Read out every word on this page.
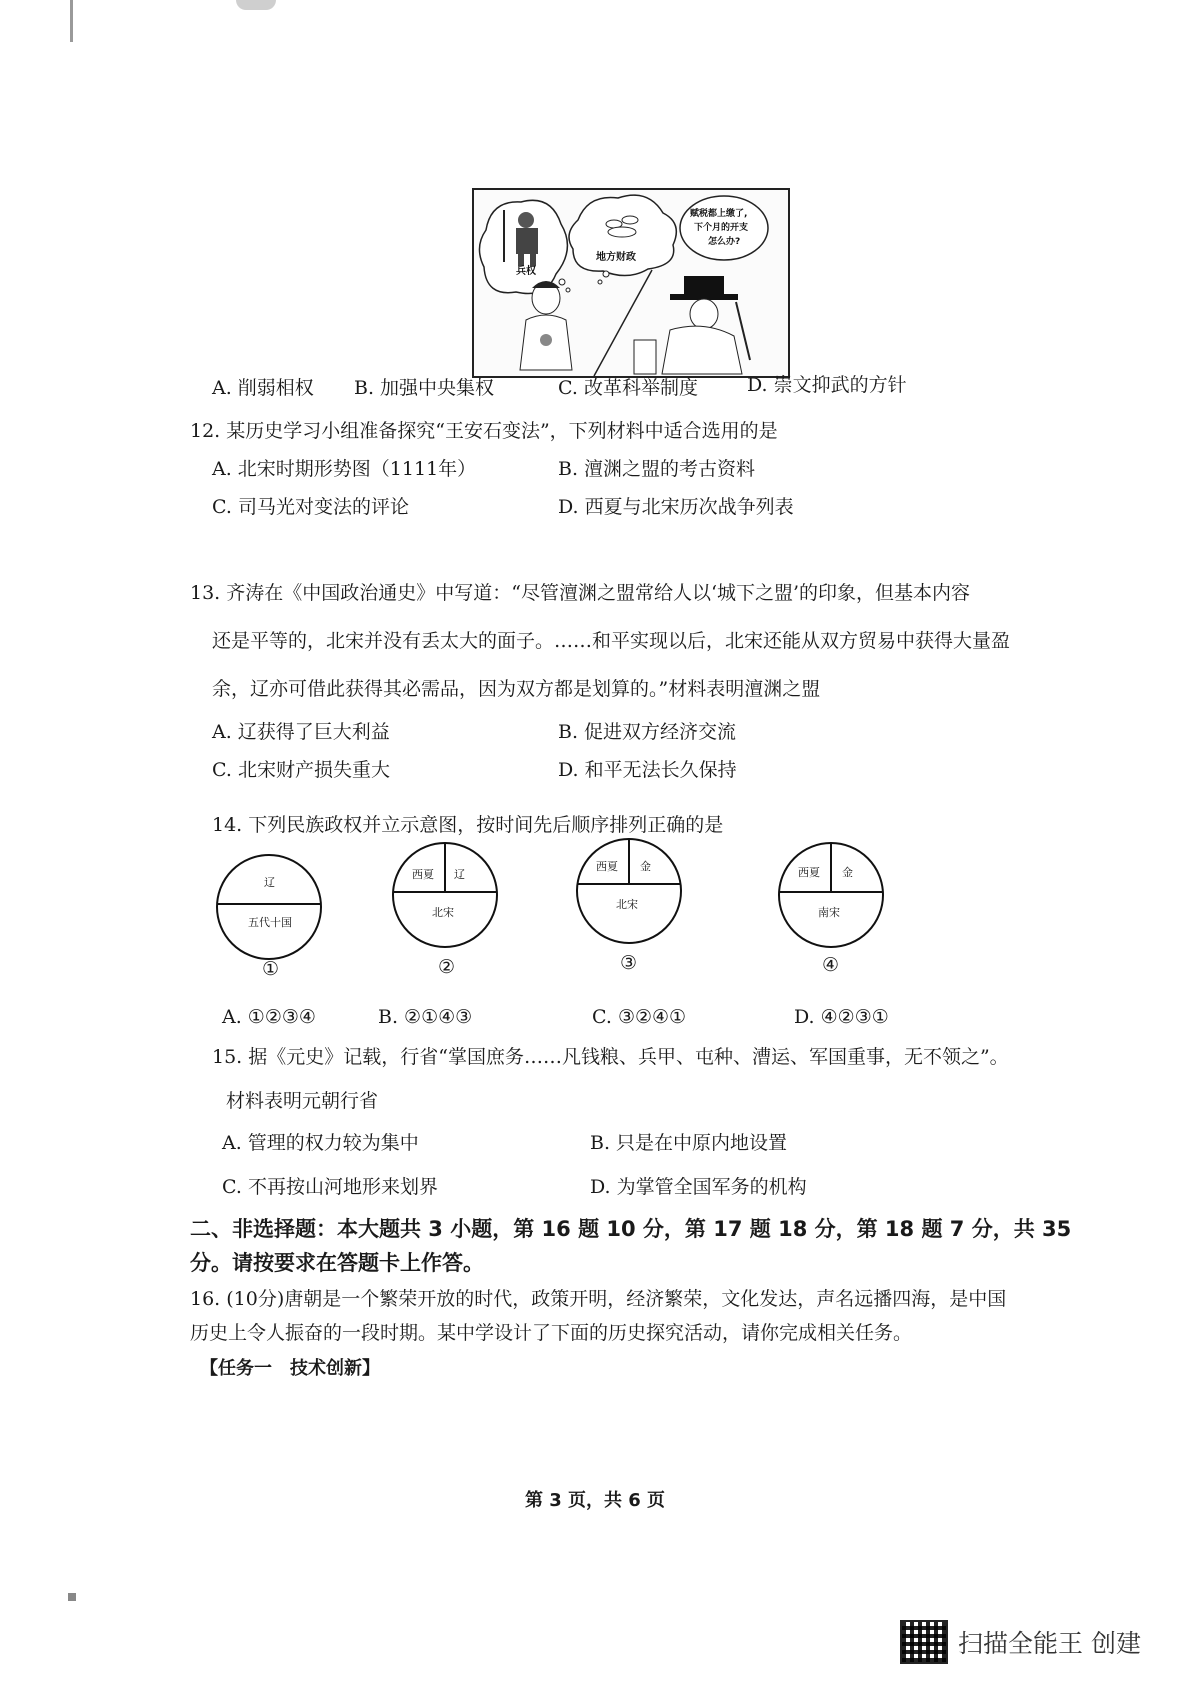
兵权
地方财政
赋税都上缴了,
下个月的开支
怎么办?
A. 削弱相权 B. 加强中央集权	C. 改革科举制度	D. 崇文抑武的方针
12. 某历史学习小组准备探究“王安石变法”，下列材料中适合选用的是
A. 北宋时期形势图（1111年）	B. 澶渊之盟的考古资料
C. 司马光对变法的评论	D. 西夏与北宋历次战争列表
13. 齐涛在《中国政治通史》中写道：“尽管澶渊之盟常给人以‘城下之盟’的印象，但基本内容
还是平等的，北宋并没有丢太大的面子。……和平实现以后，北宋还能从双方贸易中获得大量盈
余，辽亦可借此获得其必需品，因为双方都是划算的。”材料表明澶渊之盟
A. 辽获得了巨大利益	B. 促进双方经济交流
C. 北宋财产损失重大	D. 和平无法长久保持
14. 下列民族政权并立示意图，按时间先后顺序排列正确的是
辽
五代十国
①
西夏 辽
北宋
②
西夏 金
北宋
③
西夏 金
南宋
④
A. ①②③④	B. ②①④③	C. ③②④①	D. ④②③①
15. 据《元史》记载，行省“掌国庶务……凡钱粮、兵甲、屯种、漕运、军国重事，无不领之”。
材料表明元朝行省
A. 管理的权力较为集中	B. 只是在中原内地设置
C. 不再按山河地形来划界	D. 为掌管全国军务的机构
二、非选择题：本大题共 3 小题，第 16 题 10 分，第 17 题 18 分，第 18 题 7 分，共 35
分。请按要求在答题卡上作答。
16. (10分)唐朝是一个繁荣开放的时代，政策开明，经济繁荣，文化发达，声名远播四海，是中国
历史上令人振奋的一段时期。某中学设计了下面的历史探究活动，请你完成相关任务。
【任务一　技术创新】
第 3 页，共 6 页
扫描全能王 创建
